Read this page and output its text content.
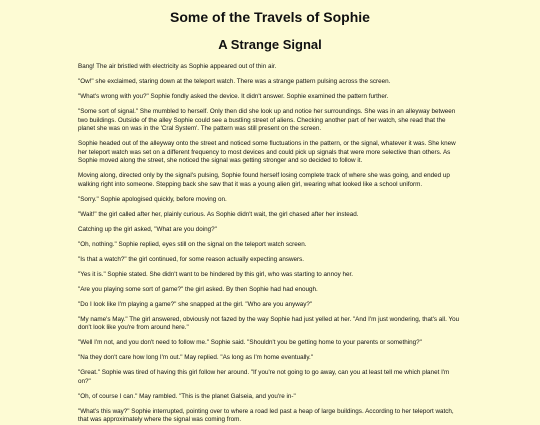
Some of the Travels of Sophie
A Strange Signal

Bang! The air bristled with electricity as Sophie appeared out of thin air.

"Ow!" she exclaimed, staring down at the teleport watch. There was a strange pattern pulsing across the screen.

"What's wrong with you?" Sophie fondly asked the device. It didn't answer. Sophie examined the pattern further.

"Some sort of signal." She mumbled to herself. Only then did she look up and notice her surroundings. She was in an alleyway between two buildings. Outside of the alley Sophie could see a bustling street of aliens. Checking another part of her watch, she read that the planet she was on was in the 'Cral System'. The pattern was still present on the screen.

Sophie headed out of the alleyway onto the street and noticed some fluctuations in the pattern, or the signal, whatever it was. She knew her teleport watch was set on a different frequency to most devices and could pick up signals that were more selective than others. As Sophie moved along the street, she noticed the signal was getting stronger and so decided to follow it.

Moving along, directed only by the signal's pulsing, Sophie found herself losing complete track of where she was going, and ended up walking right into someone. Stepping back she saw that it was a young alien girl, wearing what looked like a school uniform.

"Sorry." Sophie apologised quickly, before moving on.

"Wait!" the girl called after her, plainly curious. As Sophie didn't wait, the girl chased after her instead.

Catching up the girl asked, "What are you doing?"

"Oh, nothing." Sophie replied, eyes still on the signal on the teleport watch screen.

"Is that a watch?" the girl continued, for some reason actually expecting answers.

"Yes it is." Sophie stated. She didn't want to be hindered by this girl, who was starting to annoy her.

"Are you playing some sort of game?" the girl asked. By then Sophie had had enough.

"Do I look like I'm playing a game?" she snapped at the girl. "Who are you anyway?"

"My name's May." The girl answered, obviously not fazed by the way Sophie had just yelled at her. "And I'm just wondering, that's all. You don't look like you're from around here."

"Well I'm not, and you don't need to follow me." Sophie said. "Shouldn't you be getting home to your parents or something?"

"Na they don't care how long I'm out." May replied. "As long as I'm home eventually."

"Great." Sophie was tired of having this girl follow her around. "If you're not going to go away, can you at least tell me which planet I'm on?"

"Oh, of course I can." May rambled. "This is the planet Galseia, and you're in-"

"What's this way?" Sophie interrupted, pointing over to where a road led past a heap of large buildings. According to her teleport watch, that was approximately where the signal was coming from.
